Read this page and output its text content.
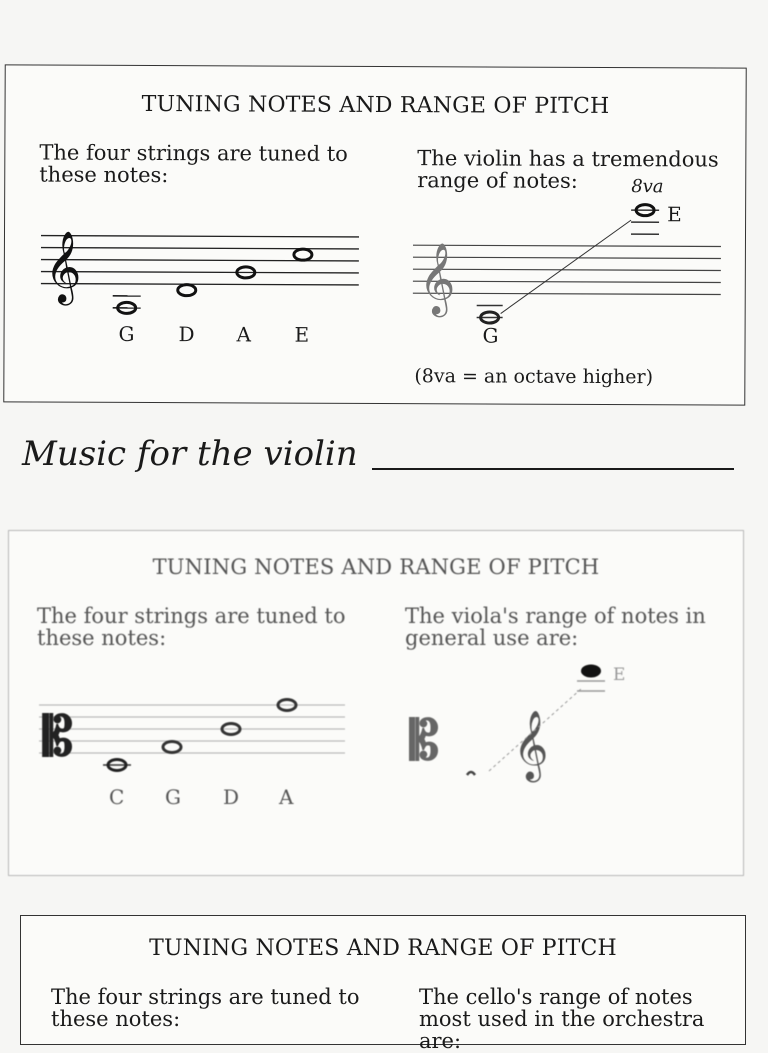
TUNING NOTES AND RANGE OF PITCH
The four strings are tuned to these notes:
The violin has a tremendous range of notes:
𝄞
G D A E
𝄞
G
E
8va
(8va = an octave higher)
Music for the violin
TUNING NOTES AND RANGE OF PITCH
The four strings are tuned to these notes:
The viola's range of notes in general use are:
𝄡
C G D A
𝄡 𝄞
E
TUNING NOTES AND RANGE OF PITCH
The four strings are tuned to these notes:
The cello's range of notes most used in the orchestra are:
